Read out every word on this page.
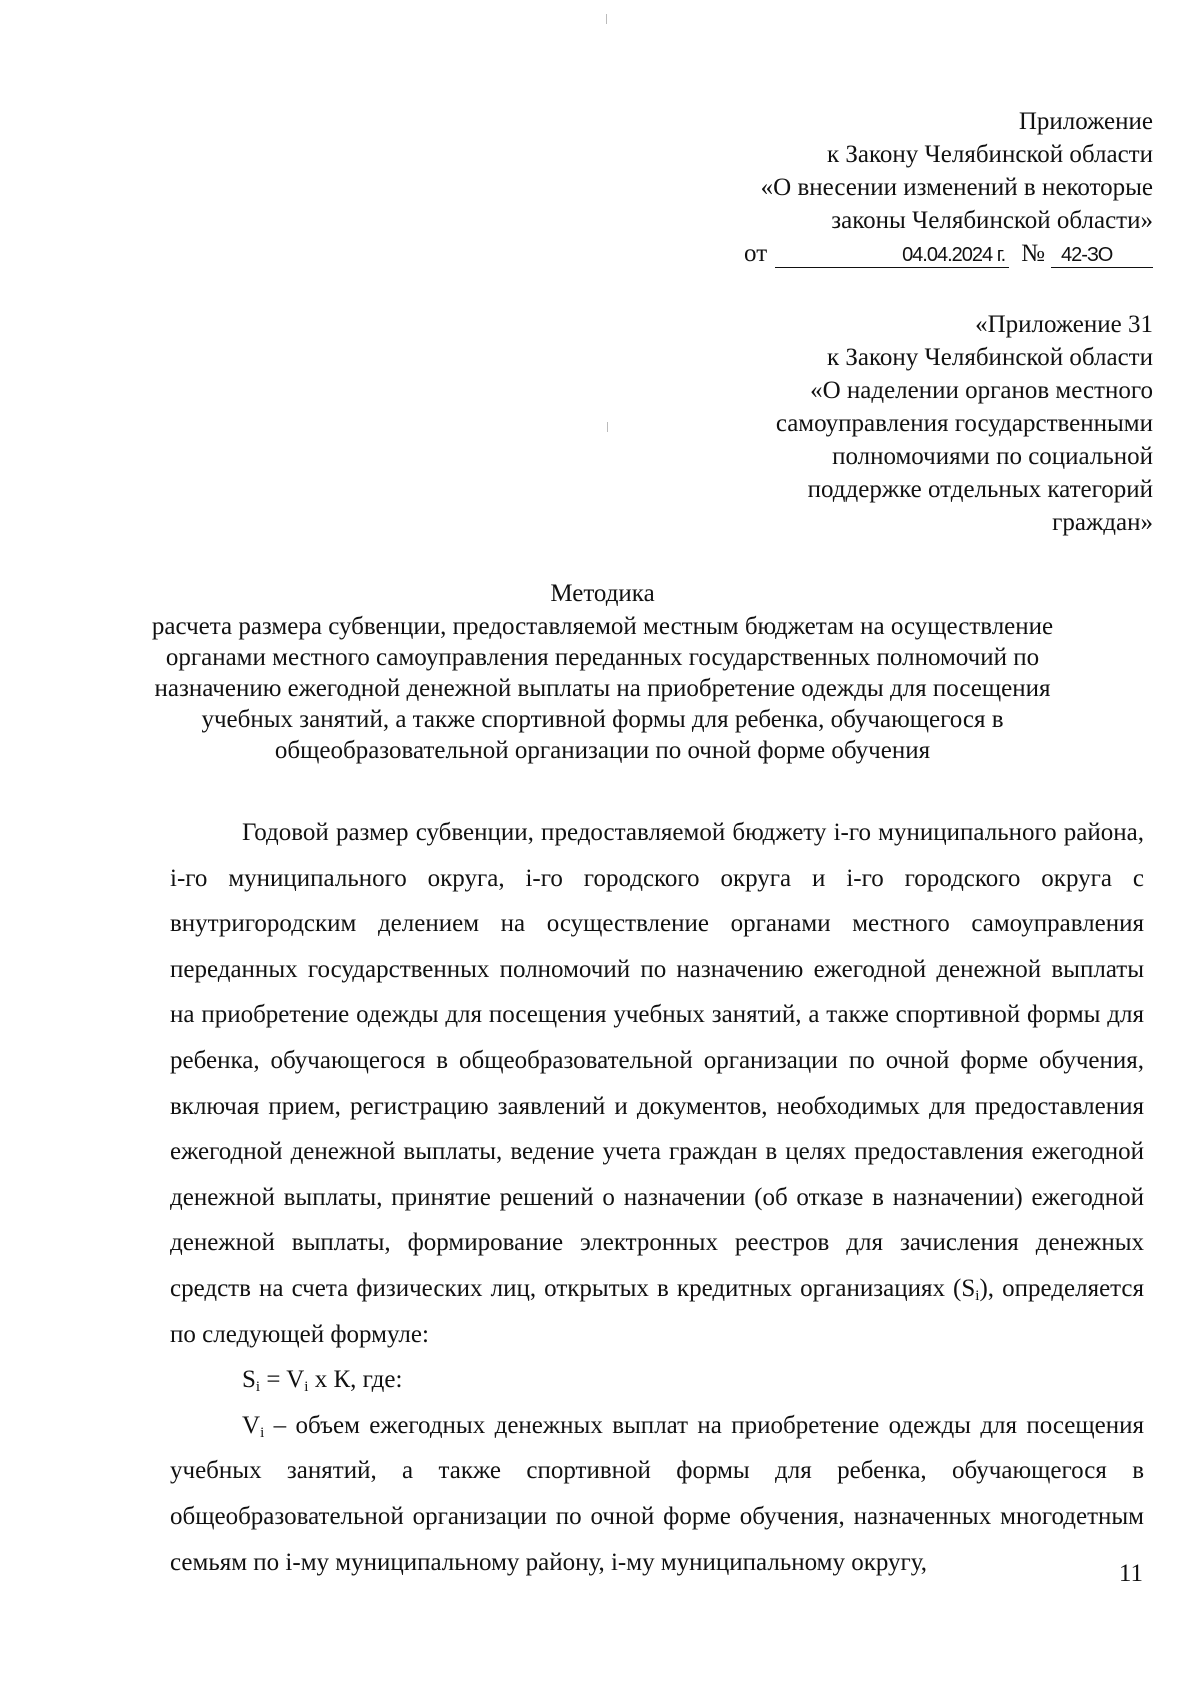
Приложение
к Закону Челябинской области
«О внесении изменений в некоторые
законы Челябинской области»
от	04.04.2024 г. № 42-ЗО
«Приложение 31
к Закону Челябинской области
«О наделении органов местного
самоуправления государственными
полномочиями по социальной
поддержке отдельных категорий
граждан»
Методика
расчета размера субвенции, предоставляемой местным бюджетам на осуществление
органами местного самоуправления переданных государственных полномочий по
назначению ежегодной денежной выплаты на приобретение одежды для посещения
учебных занятий, а также спортивной формы для ребенка, обучающегося в
общеобразовательной организации по очной форме обучения

Годовой размер субвенции, предоставляемой бюджету i-го муниципального района, i-го муниципального округа, i-го городского округа и i-го городского округа с внутригородским делением на осуществление органами местного самоуправления переданных государственных полномочий по назначению ежегодной денежной выплаты на приобретение одежды для посещения учебных занятий, а также спортивной формы для ребенка, обучающегося в общеобразовательной организации по очной форме обучения, включая прием, регистрацию заявлений и документов, необходимых для предоставления ежегодной денежной выплаты, ведение учета граждан в целях предоставления ежегодной денежной выплаты, принятие решений о назначении (об отказе в назначении) ежегодной денежной выплаты, формирование электронных реестров для зачисления денежных средств на счета физических лиц, открытых в кредитных организациях $(S_i)$, определяется по следующей формуле:

$S_i = V_i$ x К, где:

$V_i$ – объем ежегодных денежных выплат на приобретение одежды для посещения учебных занятий, а также спортивной формы для ребенка, обучающегося в общеобразовательной организации по очной форме обучения, назначенных многодетным семьям по i-му муниципальному району, i-му муниципальному округу,	11
